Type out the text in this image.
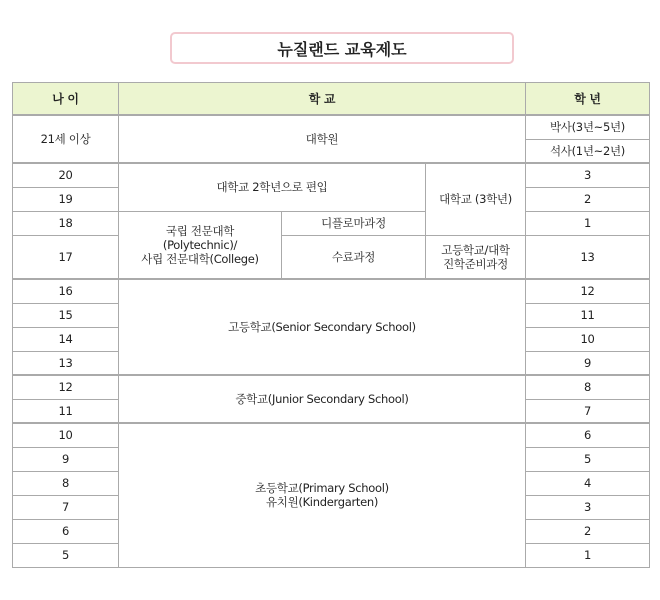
뉴질랜드 교육제도
나 이	학 교			학 년
21세 이상	대학원			박사(3년~5년)
				석사(1년~2년)
20	대학교 2학년으로 편입		대학교 (3학년)	3
19				2
18	국립 전문대학
(Polytechnic)/
사립 전문대학(College)	디플로마과정		1
17		수료과정	고등학교/대학
진학준비과정	13
16	고등학교(Senior Secondary School)			12
15				11
14				10
13				9
12	중학교(Junior Secondary School)			8
11				7
10	초등학교(Primary School)
유치원(Kindergarten)			6
9				5
8				4
7				3
6				2
5				1
